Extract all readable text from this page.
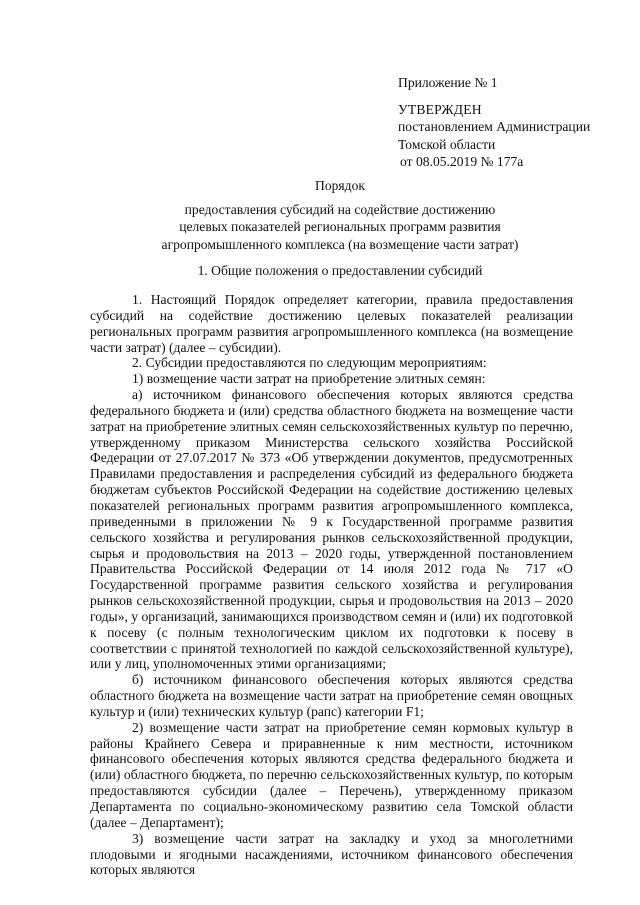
Приложение № 1
УТВЕРЖДЕН
постановлением Администрации
Томской области
от 08.05.2019 № 177а
Порядок
предоставления субсидий на содействие достижению
целевых показателей региональных программ развития
агропромышленного комплекса (на возмещение части затрат)
1. Общие положения о предоставлении субсидий

1. Настоящий Порядок определяет категории, правила предоставления субсидий на содействие достижению целевых показателей реализации региональных программ развития агропромышленного комплекса (на возмещение части затрат) (далее – субсидии).

2. Субсидии предоставляются по следующим мероприятиям:

1) возмещение части затрат на приобретение элитных семян:

а) источником финансового обеспечения которых являются средства федерального бюджета и (или) средства областного бюджета на возмещение части затрат на приобретение элитных семян сельскохозяйственных культур по перечню, утвержденному приказом Министерства сельского хозяйства Российской Федерации от 27.07.2017 № 373 «Об утверждении документов, предусмотренных Правилами предоставления и распределения субсидий из федерального бюджета бюджетам субъектов Российской Федерации на содействие достижению целевых показателей региональных программ развития агропромышленного комплекса, приведенными в приложении № 9 к Государственной программе развития сельского хозяйства и регулирования рынков сельскохозяйственной продукции, сырья и продовольствия на 2013 – 2020 годы, утвержденной постановлением Правительства Российской Федерации от 14 июля 2012 года № 717 «О Государственной программе развития сельского хозяйства и регулирования рынков сельскохозяйственной продукции, сырья и продовольствия на 2013 – 2020 годы», у организаций, занимающихся производством семян и (или) их подготовкой к посеву (с полным технологическим циклом их подготовки к посеву в соответствии с принятой технологией по каждой сельскохозяйственной культуре), или у лиц, уполномоченных этими организациями;

б) источником финансового обеспечения которых являются средства областного бюджета на возмещение части затрат на приобретение семян овощных культур и (или) технических культур (рапс) категории F1;

2) возмещение части затрат на приобретение семян кормовых культур в районы Крайнего Севера и приравненные к ним местности, источником финансового обеспечения которых являются средства федерального бюджета и (или) областного бюджета, по перечню сельскохозяйственных культур, по которым предоставляются субсидии (далее – Перечень), утвержденному приказом Департамента по социально-экономическому развитию села Томской области (далее – Департамент);

3) возмещение части затрат на закладку и уход за многолетними плодовыми и ягодными насаждениями, источником финансового обеспечения которых являются
